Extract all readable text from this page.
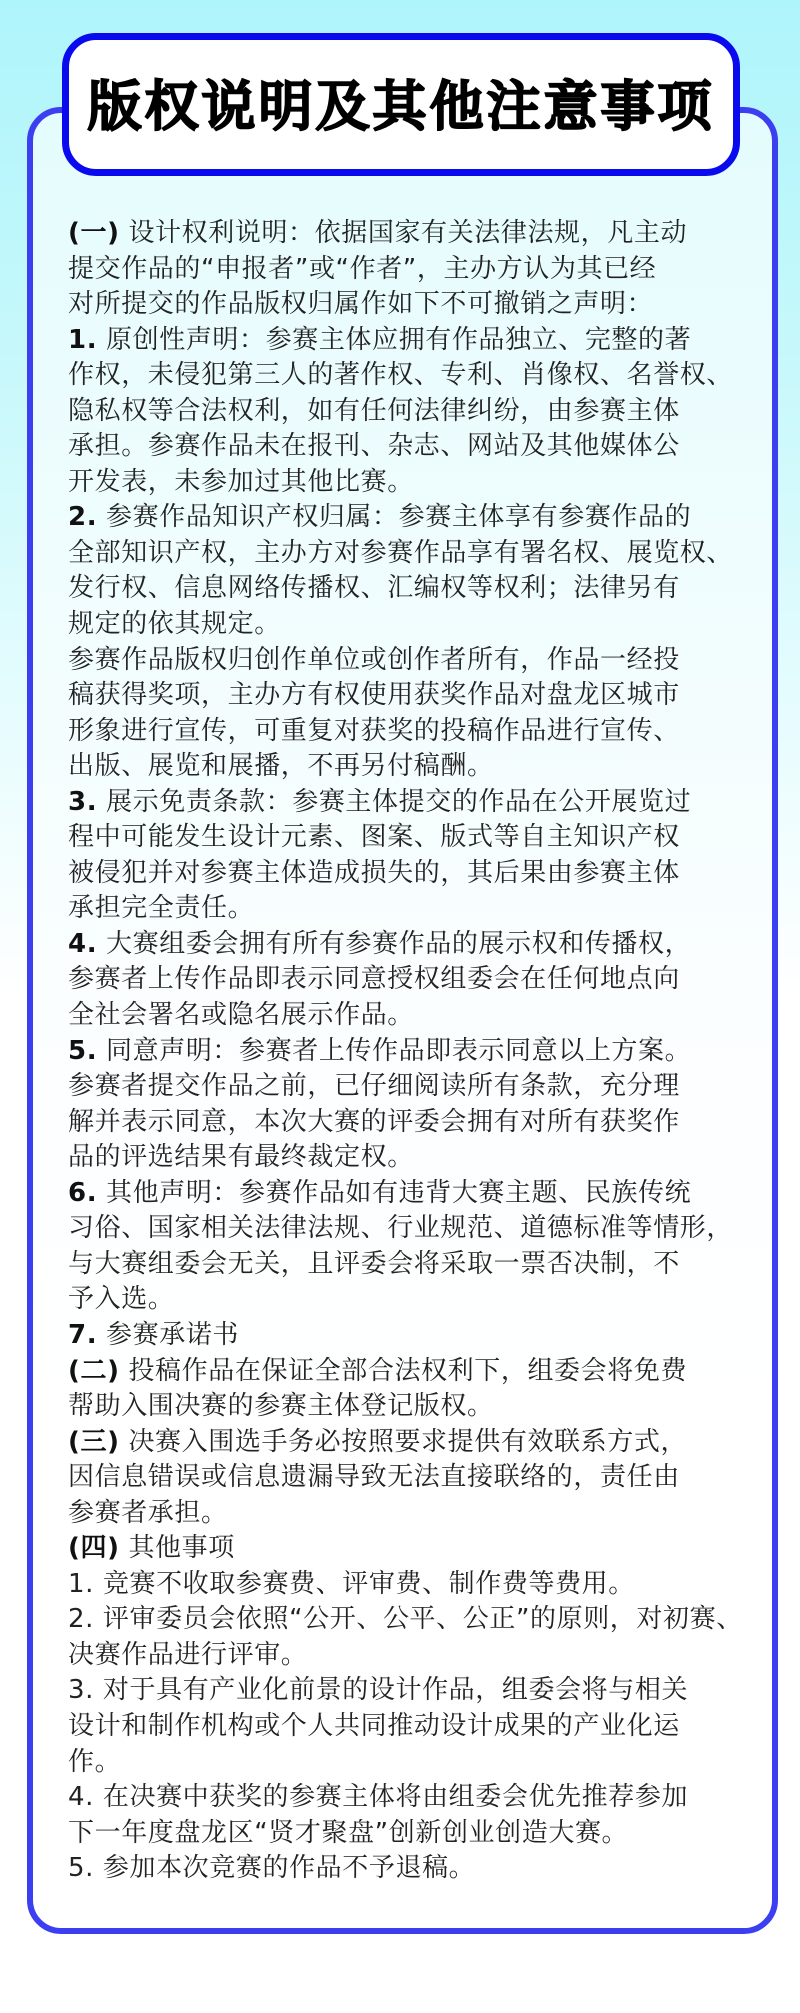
版权说明及其他注意事项
(一) 设计权利说明：依据国家有关法律法规，凡主动
提交作品的“申报者”或“作者”，主办方认为其已经
对所提交的作品版权归属作如下不可撤销之声明：
1. 原创性声明：参赛主体应拥有作品独立、完整的著
作权，未侵犯第三人的著作权、专利、肖像权、名誉权、
隐私权等合法权利，如有任何法律纠纷，由参赛主体
承担。参赛作品未在报刊、杂志、网站及其他媒体公
开发表，未参加过其他比赛。
2. 参赛作品知识产权归属：参赛主体享有参赛作品的
全部知识产权，主办方对参赛作品享有署名权、展览权、
发行权、信息网络传播权、汇编权等权利；法律另有
规定的依其规定。
参赛作品版权归创作单位或创作者所有，作品一经投
稿获得奖项，主办方有权使用获奖作品对盘龙区城市
形象进行宣传，可重复对获奖的投稿作品进行宣传、
出版、展览和展播，不再另付稿酬。
3. 展示免责条款：参赛主体提交的作品在公开展览过
程中可能发生设计元素、图案、版式等自主知识产权
被侵犯并对参赛主体造成损失的，其后果由参赛主体
承担完全责任。
4. 大赛组委会拥有所有参赛作品的展示权和传播权，
参赛者上传作品即表示同意授权组委会在任何地点向
全社会署名或隐名展示作品。
5. 同意声明：参赛者上传作品即表示同意以上方案。
参赛者提交作品之前，已仔细阅读所有条款，充分理
解并表示同意，本次大赛的评委会拥有对所有获奖作
品的评选结果有最终裁定权。
6. 其他声明：参赛作品如有违背大赛主题、民族传统
习俗、国家相关法律法规、行业规范、道德标准等情形，
与大赛组委会无关，且评委会将采取一票否决制，不
予入选。
7. 参赛承诺书
(二) 投稿作品在保证全部合法权利下，组委会将免费
帮助入围决赛的参赛主体登记版权。
(三) 决赛入围选手务必按照要求提供有效联系方式，
因信息错误或信息遗漏导致无法直接联络的，责任由
参赛者承担。
(四) 其他事项
1. 竞赛不收取参赛费、评审费、制作费等费用。
2. 评审委员会依照“公开、公平、公正”的原则，对初赛、
决赛作品进行评审。
3. 对于具有产业化前景的设计作品，组委会将与相关
设计和制作机构或个人共同推动设计成果的产业化运
作。
4. 在决赛中获奖的参赛主体将由组委会优先推荐参加
下一年度盘龙区“贤才聚盘”创新创业创造大赛。
5. 参加本次竞赛的作品不予退稿。
